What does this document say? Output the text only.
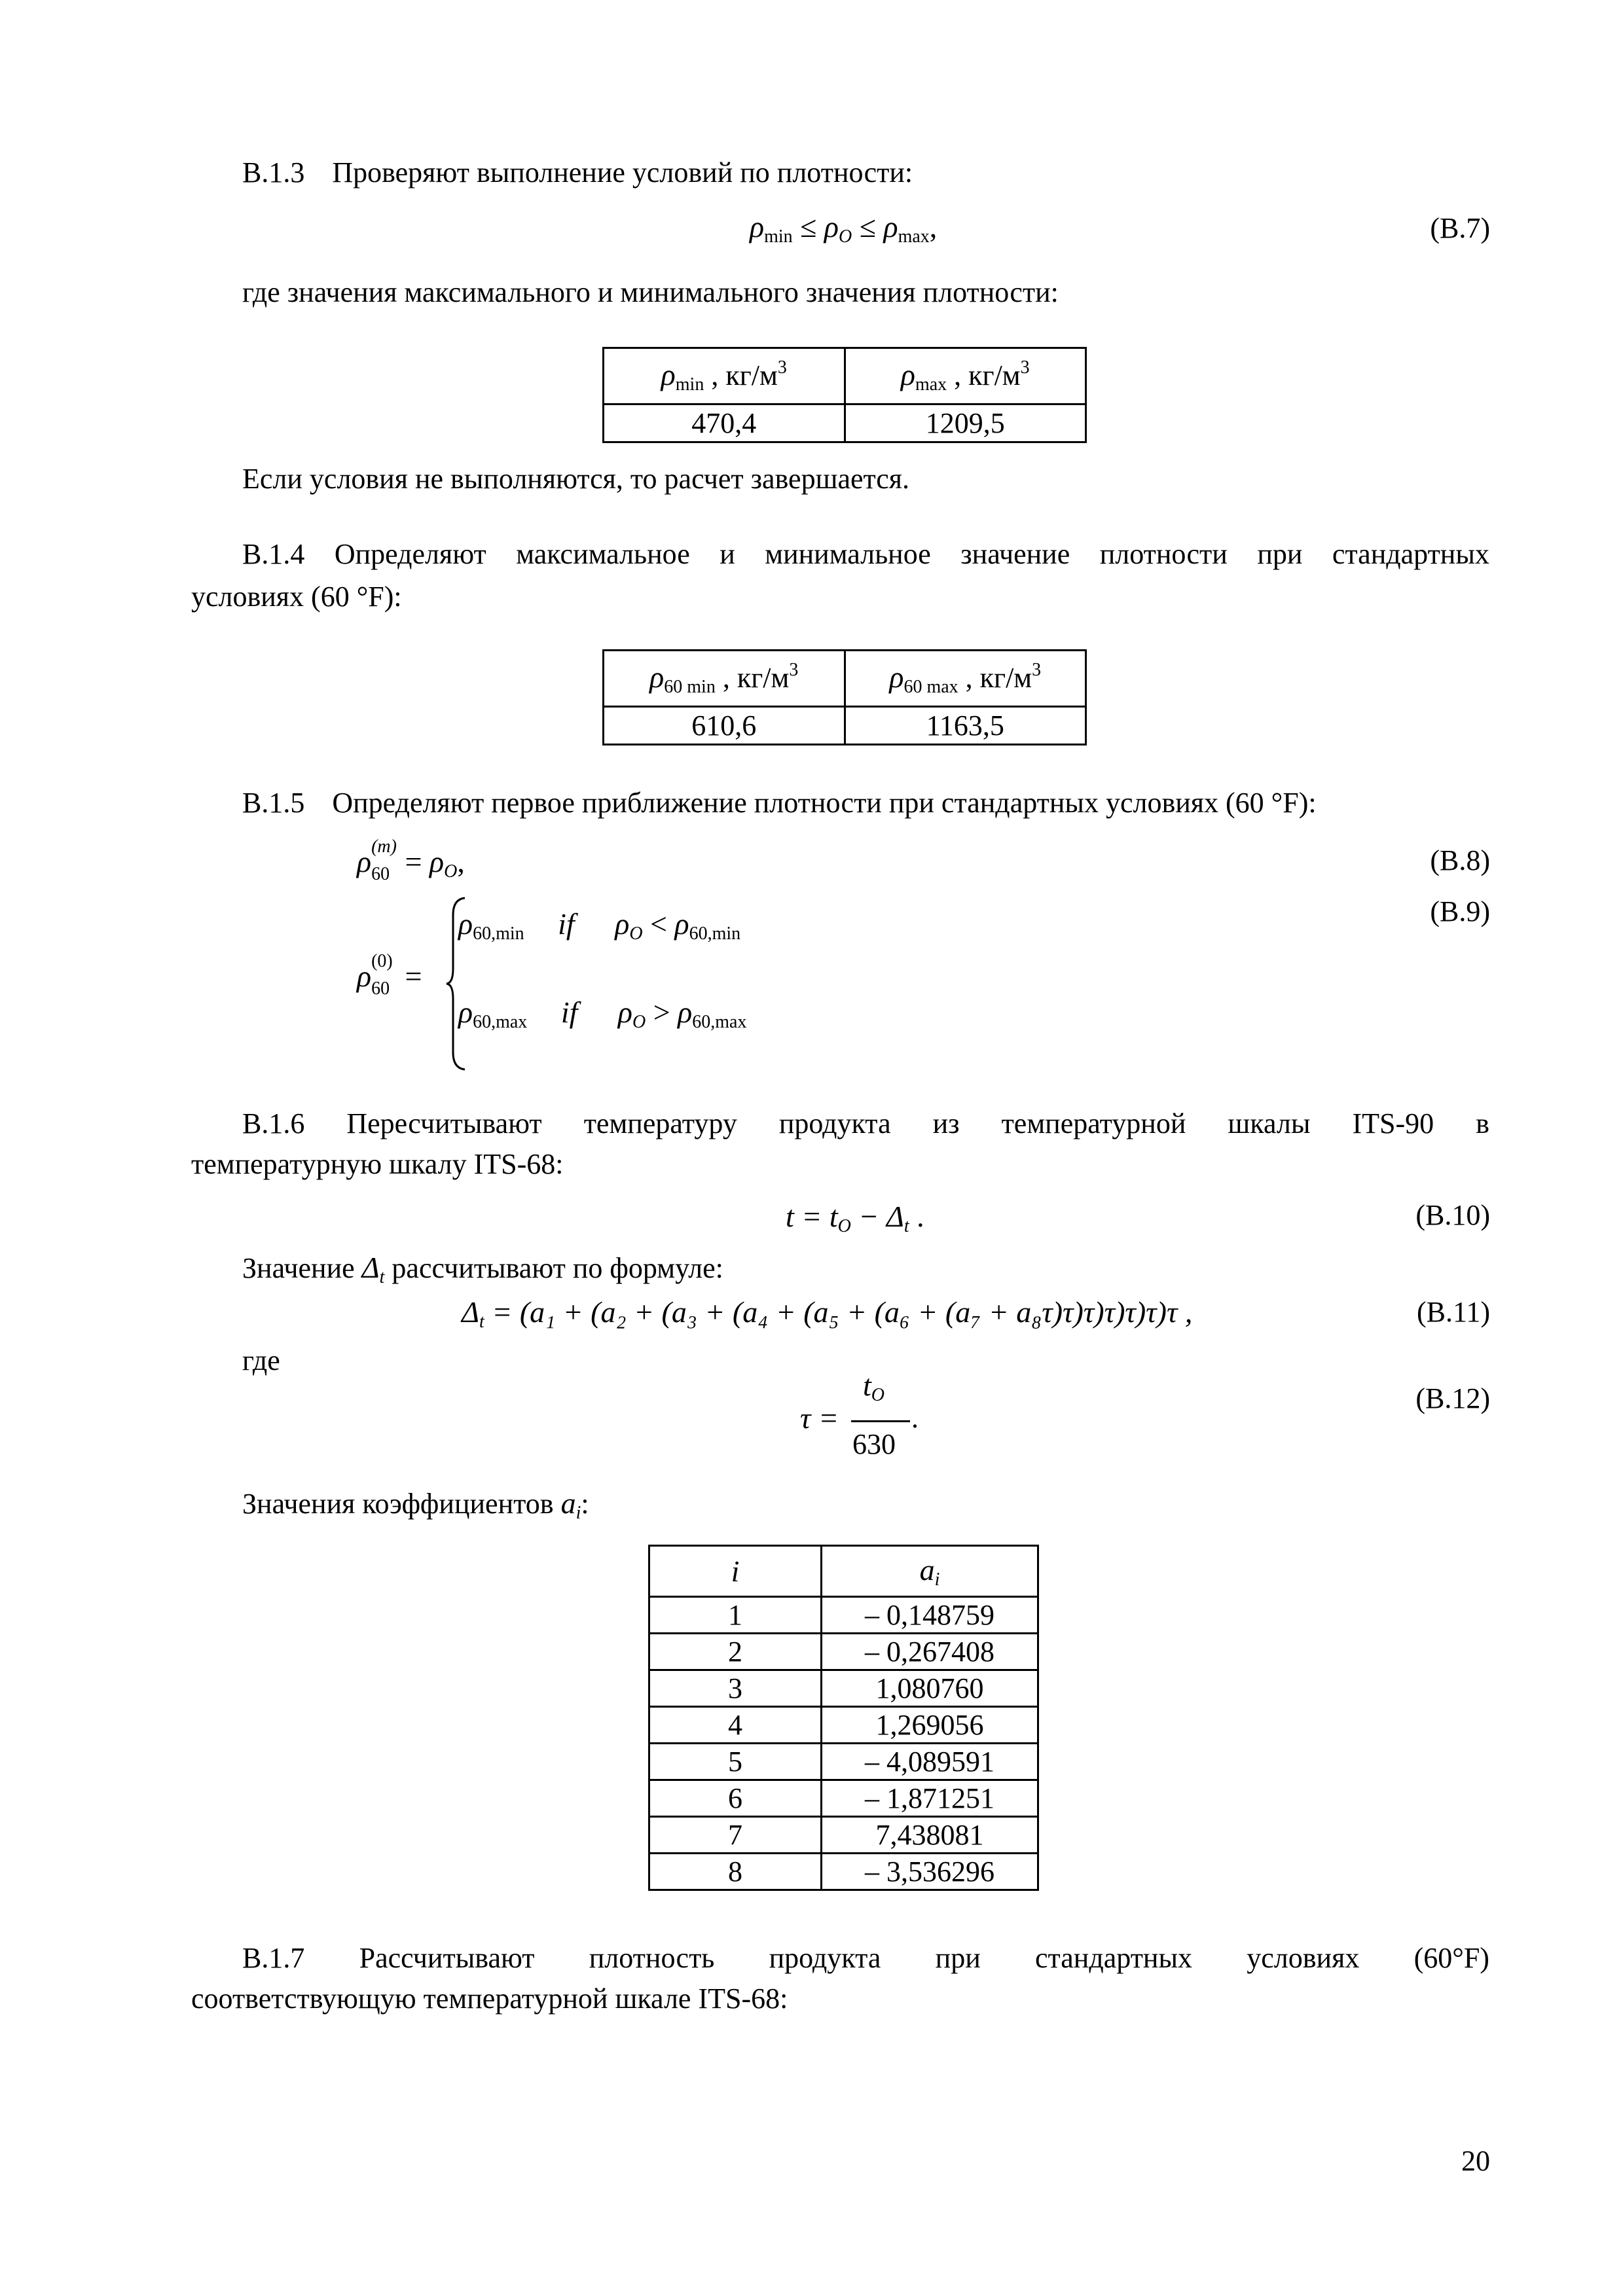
В.1.3 Проверяют выполнение условий по плотности:
$\rho_{min} \le \rho O \le \rho_{max}$,	(В.7)
где значения максимального и минимального значения плотности:
$\rho_{min}$ , $кг/м^3$	$\rho_{max}$ , $кг/м^3$
470,4	1209,5
Если условия не выполняются, то расчет завершается.
В.1.4 Определяют максимальное и минимальное значение плотности при стандартных
условиях (60 °F):
$\rho_{60 min}$ , $кг/м^3$	$\rho_{60 max}$ , $кг/м^3$
610,6	1163,5
В.1.5 Определяют первое приближение плотности при стандартных условиях (60 °F):
ρ (m)
60 = ρO,	(В.8)
ρ (0)
60 =
$\rho_{60,min}$ if $\rho O < \rho_{60,min}$
$\rho_{60,max}$ if $\rho O > \rho_{60,max}$
(В.9)
В.1.6 Пересчитывают температуру продукта из температурной шкалы ITS-90 в
температурную шкалу ITS-68:
t = tO − Δt .	(В.10)
Значение Δt рассчитывают по формуле:
Δt = (a₁ + (a₂ + (a₃ + (a₄ + (a₅ + (a₆ + (a₇ + a₈τ)τ)τ)τ)τ)τ)τ ,	(В.11)
где
τ =
tO
630
.
(В.12)
Значения коэффициентов ai:
i	ai
1	– 0,148759
2	– 0,267408
3	1,080760
4	1,269056
5	– 4,089591
6	– 1,871251
7	7,438081
8	– 3,536296
В.1.7 Рассчитывают плотность продукта при стандартных условиях (60°F)
соответствующую температурной шкале ITS-68:
20
